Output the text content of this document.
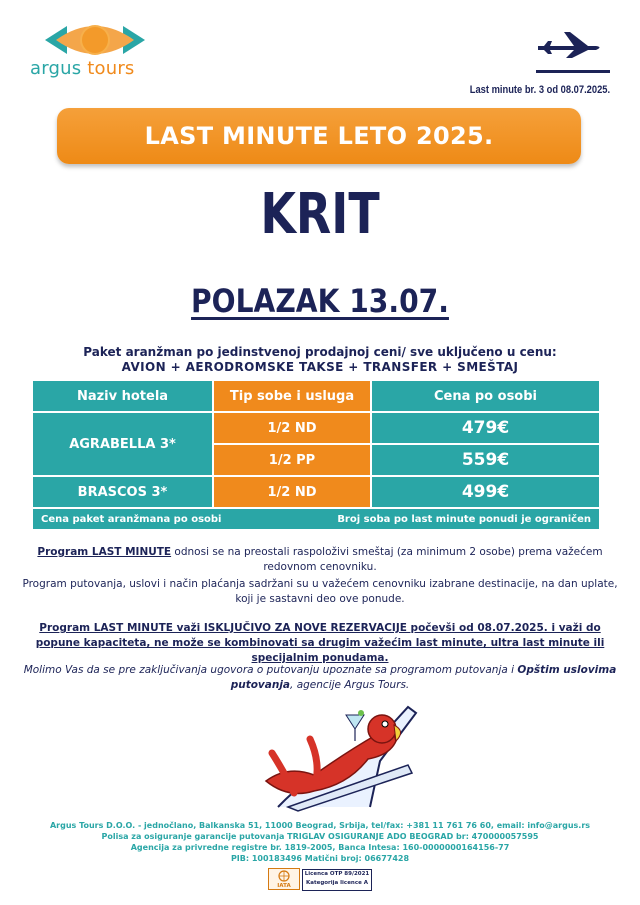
argus tours
Last minute br. 3 od 08.07.2025.
LAST MINUTE LETO 2025.
KRIT
POLAZAK 13.07.
Paket aranžman po jedinstvenoj prodajnoj ceni/ sve uključeno u cenu:
AVION + AERODROMSKE TAKSE + TRANSFER + SMEŠTAJ
Naziv hotela	Tip sobe i usluga	Cena po osobi
AGRABELLA 3*	1/2 ND	479€
	1/2 PP	559€
BRASCOS 3*	1/2 ND	499€

Cena paket aranžmana po osobi Broj soba po last minute ponudi je ograničen		
Program LAST MINUTE odnosi se na preostali raspoloživi smeštaj (za minimum 2 osobe) prema važećem redovnom cenovniku.
Program putovanja, uslovi i način plaćanja sadržani su u važećem cenovniku izabrane destinacije, na dan uplate, koji je sastavni deo ove ponude.
Program LAST MINUTE važi ISKLJUČIVO ZA NOVE REZERVACIJE počevši od 08.07.2025. i važi do popune kapaciteta, ne može se kombinovati sa drugim važećim last minute, ultra last minute ili specijalnim ponudama.
Molimo Vas da se pre zaključivanja ugovora o putovanju upoznate sa programom putovanja i Opštim uslovima putovanja, agencije Argus Tours.
Argus Tours D.O.O. - jednočlano, Balkanska 51, 11000 Beograd, Srbija, tel/fax: +381 11 761 76 60, email: info@argus.rs
Polisa za osiguranje garancije putovanja TRIGLAV OSIGURANJE ADO BEOGRAD br: 470000057595
Agencija za privredne registre br. 1819-2005, Banca Intesa: 160-0000000164156-77
PIB: 100183496 Matični broj: 06677428
IATA
Licenca OTP 89/2021
Kategorija licence A
